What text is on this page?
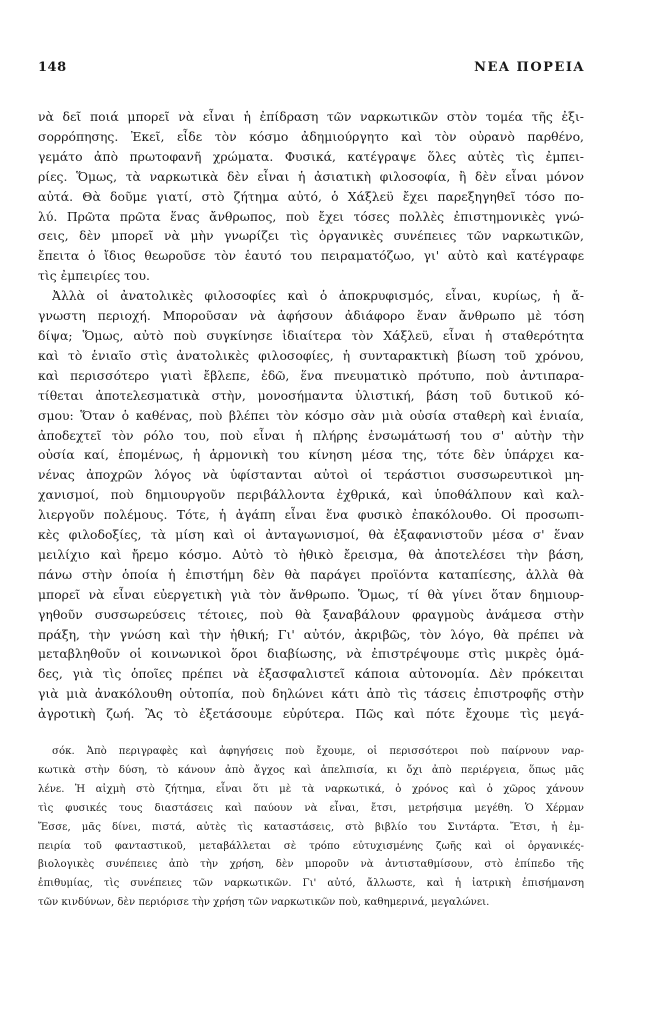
148	ΝΕΑ ΠΟΡΕΙΑ
νὰ δεῖ ποιά μπορεῖ νὰ εἶναι ἡ ἐπίδραση τῶν ναρκωτικῶν στὸν τομέα τῆς ἐξι-
σορρόπησης. Ἐκεῖ, εἶδε τὸν κόσμο ἀδημιούργητο καὶ τὸν οὐρανὸ παρθένο,
γεμάτο ἀπὸ πρωτοφανῆ χρώματα. Φυσικά, κατέγραψε ὅλες αὐτὲς τὶς ἐμπει-
ρίες. Ὅμως, τὰ ναρκωτικὰ δὲν εἶναι ἡ ἀσιατικὴ φιλοσοφία, ἢ δὲν εἶναι μόνον
αὐτά. Θὰ δοῦμε γιατί, στὸ ζήτημα αὐτό, ὁ Χάξλεϋ ἔχει παρεξηγηθεῖ τόσο πο-
λύ. Πρῶτα πρῶτα ἕνας ἄνθρωπος, ποὺ ἔχει τόσες πολλὲς ἐπιστημονικὲς γνώ-
σεις, δὲν μπορεῖ νὰ μὴν γνωρίζει τὶς ὀργανικὲς συνέπειες τῶν ναρκωτικῶν,
ἔπειτα ὁ ἴδιος θεωροῦσε τὸν ἑαυτό του πειραματόζωο, γι' αὐτὸ καὶ κατέγραφε
τὶς ἐμπειρίες του.
Ἀλλὰ οἱ ἀνατολικὲς φιλοσοφίες καὶ ὁ ἀποκρυφισμός, εἶναι, κυρίως, ἡ ἄ-
γνωστη περιοχή. Μποροῦσαν νὰ ἀφήσουν ἀδιάφορο ἕναν ἄνθρωπο μὲ τόση
δίψα; Ὅμως, αὐτὸ ποὺ συγκίνησε ἰδιαίτερα τὸν Χάξλεϋ, εἶναι ἡ σταθερότητα
καὶ τὸ ἑνιαῖο στὶς ἀνατολικὲς φιλοσοφίες, ἡ συνταρακτικὴ βίωση τοῦ χρόνου,
καὶ περισσότερο γιατὶ ἔβλεπε, ἐδῶ, ἕνα πνευματικὸ πρότυπο, ποὺ ἀντιπαρα-
τίθεται ἀποτελεσματικὰ στὴν, μονοσήμαντα ὑλιστική, βάση τοῦ δυτικοῦ κό-
σμου: Ὅταν ὁ καθένας, ποὺ βλέπει τὸν κόσμο σὰν μιὰ οὐσία σταθερὴ καὶ ἑνιαία,
ἀποδεχτεῖ τὸν ρόλο του, ποὺ εἶναι ἡ πλήρης ἐνσωμάτωσή του σ' αὐτὴν τὴν
οὐσία καί, ἑπομένως, ἡ ἁρμονικὴ του κίνηση μέσα της, τότε δὲν ὑπάρχει κα-
νένας ἀποχρῶν λόγος νὰ ὑφίστανται αὐτοὶ οἱ τεράστιοι συσσωρευτικοὶ μη-
χανισμοί, ποὺ δημιουργοῦν περιβάλλοντα ἐχθρικά, καὶ ὑποθάλπουν καὶ καλ-
λιεργοῦν πολέμους. Τότε, ἡ ἀγάπη εἶναι ἕνα φυσικὸ ἐπακόλουθο. Οἱ προσωπι-
κὲς φιλοδοξίες, τὰ μίση καὶ οἱ ἀνταγωνισμοί, θὰ ἐξαφανιστοῦν μέσα σ' ἕναν
μειλίχιο καὶ ἤρεμο κόσμο. Αὐτὸ τὸ ἠθικὸ ἔρεισμα, θὰ ἀποτελέσει τὴν βάση,
πάνω στὴν ὁποία ἡ ἐπιστήμη δὲν θὰ παράγει προϊόντα καταπίεσης, ἀλλὰ θὰ
μπορεῖ νὰ εἶναι εὐεργετικὴ γιὰ τὸν ἄνθρωπο. Ὅμως, τί θὰ γίνει ὅταν δημιουρ-
γηθοῦν συσσωρεύσεις τέτοιες, ποὺ θὰ ξαναβάλουν φραγμοὺς ἀνάμεσα στὴν
πράξη, τὴν γνώση καὶ τὴν ἠθική; Γι' αὐτόν, ἀκριβῶς, τὸν λόγο, θὰ πρέπει νὰ
μεταβληθοῦν οἱ κοινωνικοὶ ὅροι διαβίωσης, νὰ ἐπιστρέψουμε στὶς μικρὲς ὁμά-
δες, γιὰ τὶς ὁποῖες πρέπει νὰ ἐξασφαλιστεῖ κάποια αὐτονομία. Δὲν πρόκειται
γιὰ μιὰ ἀνακόλουθη οὐτοπία, ποὺ δηλώνει κάτι ἀπὸ τὶς τάσεις ἐπιστροφῆς στὴν
ἀγροτικὴ ζωή. Ἂς τὸ ἐξετάσουμε εὐρύτερα. Πῶς καὶ πότε ἔχουμε τὶς μεγά-
σόκ. Ἀπὸ περιγραφὲς καὶ ἀφηγήσεις ποὺ ἔχουμε, οἱ περισσότεροι ποὺ παίρνουν ναρ-
κωτικὰ στὴν δύση, τὸ κάνουν ἀπὸ ἄγχος καὶ ἀπελπισία, κι ὄχι ἀπὸ περιέργεια, ὅπως μᾶς
λένε. Ἡ αἰχμὴ στὸ ζήτημα, εἶναι ὅτι μὲ τὰ ναρκωτικά, ὁ χρόνος καὶ ὁ χῶρος χάνουν
τὶς φυσικές τους διαστάσεις καὶ παύουν νὰ εἶναι, ἔτσι, μετρήσιμα μεγέθη. Ὁ Χέρμαν
Ἔσσε, μᾶς δίνει, πιστά, αὐτὲς τὶς καταστάσεις, στὸ βιβλίο του Σιντάρτα. Ἔτσι, ἡ ἐμ-
πειρία τοῦ φανταστικοῦ, μεταβάλλεται σὲ τρόπο εὐτυχισμένης ζωῆς καὶ οἱ ὀργανικές-
βιολογικὲς συνέπειες ἀπὸ τὴν χρήση, δὲν μποροῦν νὰ ἀντισταθμίσουν, στὸ ἐπίπεδο τῆς
ἐπιθυμίας, τὶς συνέπειες τῶν ναρκωτικῶν. Γι' αὐτό, ἄλλωστε, καὶ ἡ ἰατρικὴ ἐπισήμανση
τῶν κινδύνων, δὲν περιόρισε τὴν χρήση τῶν ναρκωτικῶν ποὺ, καθημερινά, μεγαλώνει.
